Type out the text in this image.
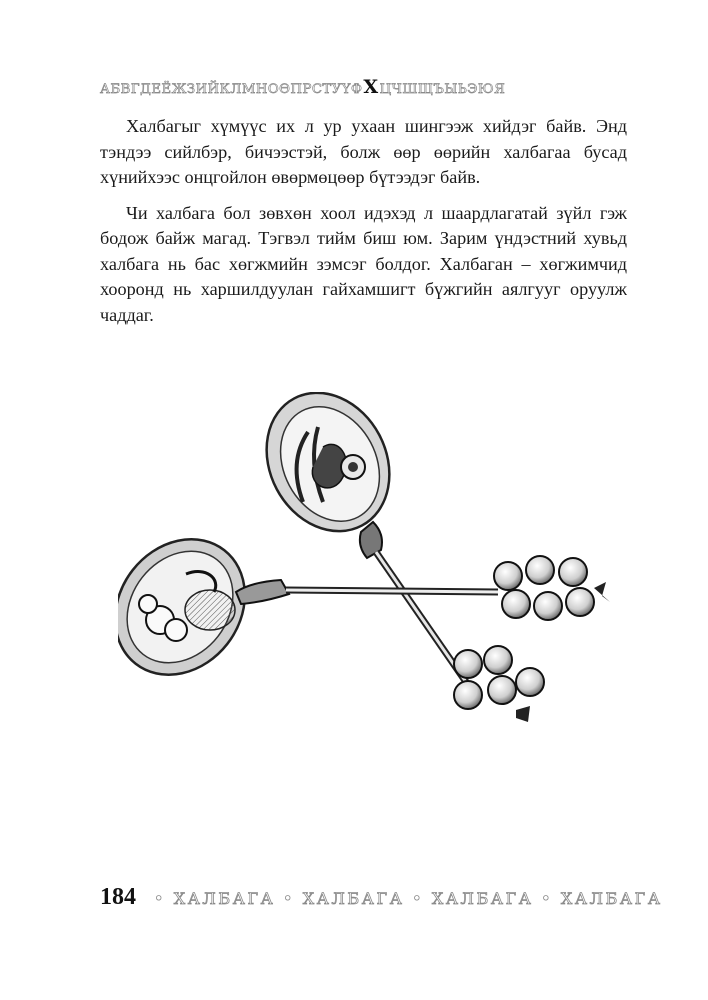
АБВГДЕЁЖЗИЙКЛМНОӨПРСТУҮФ Х ЦЧШЩЪЫЬЭЮЯ

Халбагыг хүмүүс их л ур ухаан шингээж хийдэг байв. Энд тэндээ сийлбэр, бичээстэй, болж өөр өөрийн халбагаа бусад хүнийхээс онцгойлон өвөрмөцөөр бүтээдэг байв.

Чи халбага бол зөвхөн хоол идэхэд л шаардлагатай зүйл гэж бодож байж магад. Тэгвэл тийм биш юм. Зарим үндэстний хувьд халбага нь бас хөгжмийн зэмсэг болдог. Халбаган – хөгжимчид хооронд нь харшилдуулан гайхамшигт бүжгийн аялгууг оруулж чаддаг.

184 • ХАЛБАГА • ХАЛБАГА • ХАЛБАГА • ХАЛБАГА
